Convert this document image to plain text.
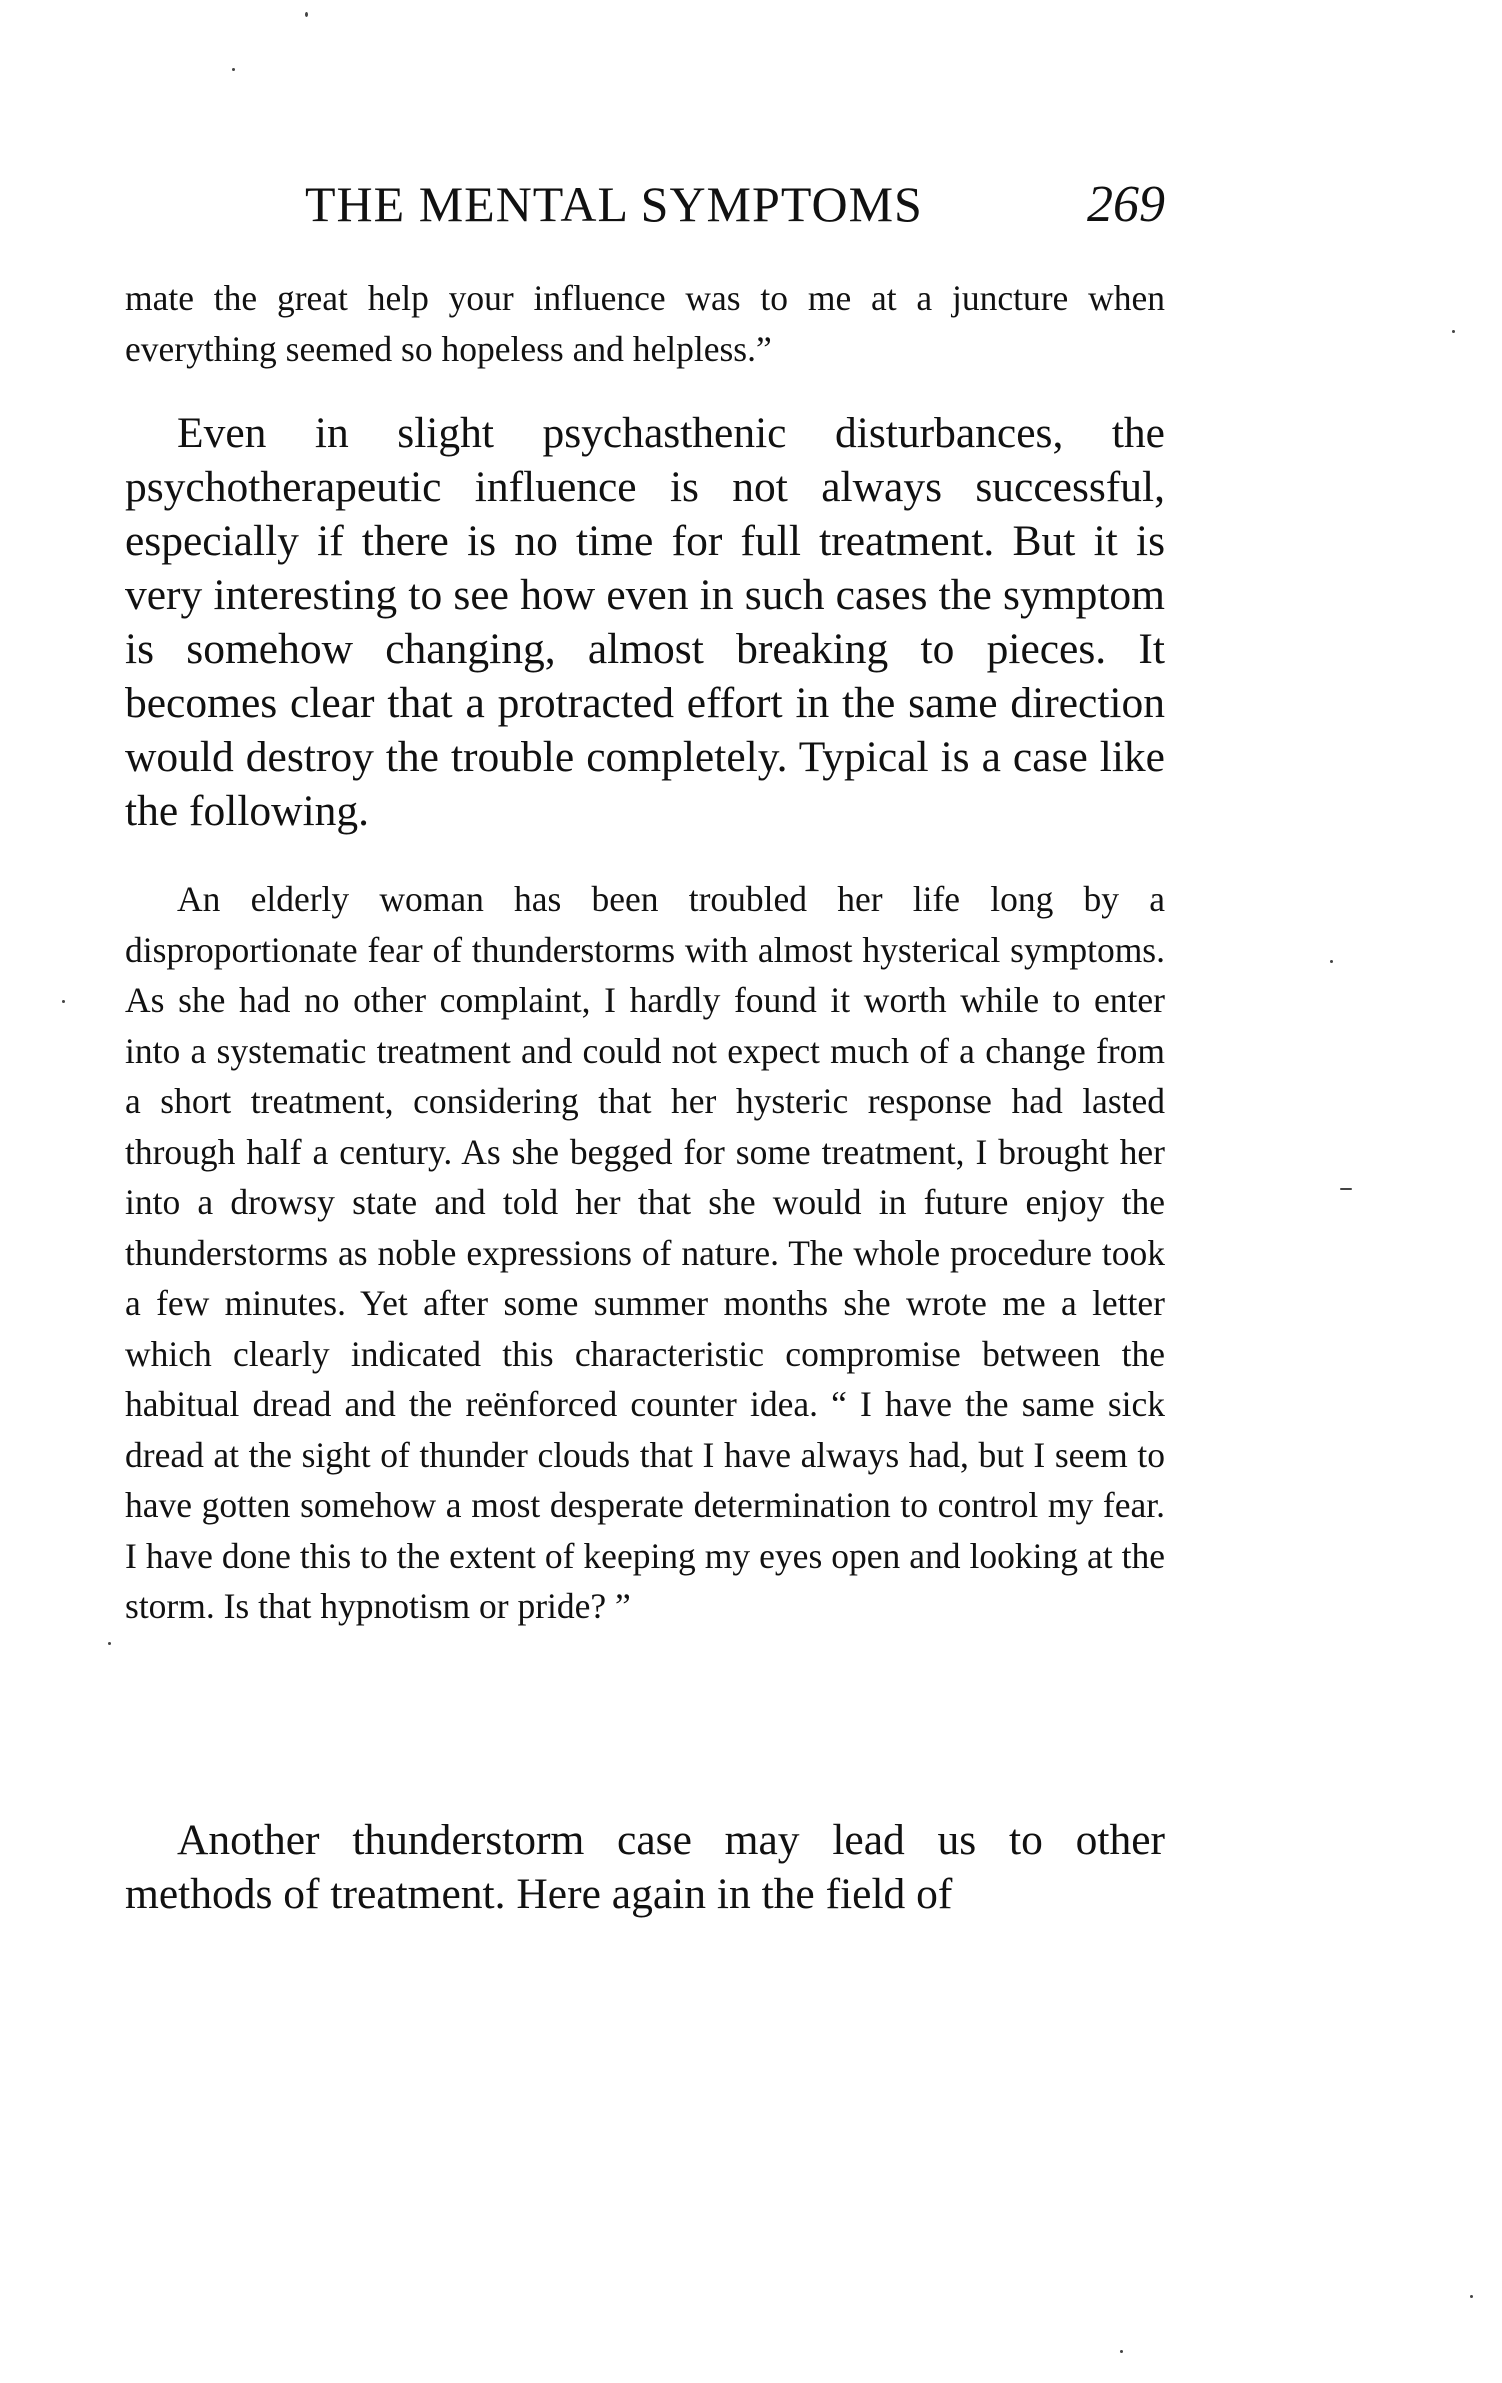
THE MENTAL SYMPTOMS	269

mate the great help your influence was to me at a juncture when everything seemed so hopeless and helpless.”

Even in slight psychasthenic disturbances, the psychotherapeutic influence is not always successful, especially if there is no time for full treatment. But it is very interesting to see how even in such cases the symptom is somehow changing, almost breaking to pieces. It becomes clear that a protracted effort in the same direction would destroy the trouble completely. Typical is a case like the following.

An elderly woman has been troubled her life long by a disproportionate fear of thunderstorms with almost hysterical symptoms. As she had no other complaint, I hardly found it worth while to enter into a systematic treatment and could not expect much of a change from a short treatment, considering that her hysteric response had lasted through half a century. As she begged for some treatment, I brought her into a drowsy state and told her that she would in future enjoy the thunderstorms as noble expressions of nature. The whole procedure took a few minutes. Yet after some summer months she wrote me a letter which clearly indicated this characteristic compromise between the habitual dread and the reënforced counter idea. “ I have the same sick dread at the sight of thunder clouds that I have always had, but I seem to have gotten somehow a most desperate determination to control my fear. I have done this to the extent of keeping my eyes open and looking at the storm. Is that hypnotism or pride? ”

Another thunderstorm case may lead us to other methods of treatment. Here again in the field of
